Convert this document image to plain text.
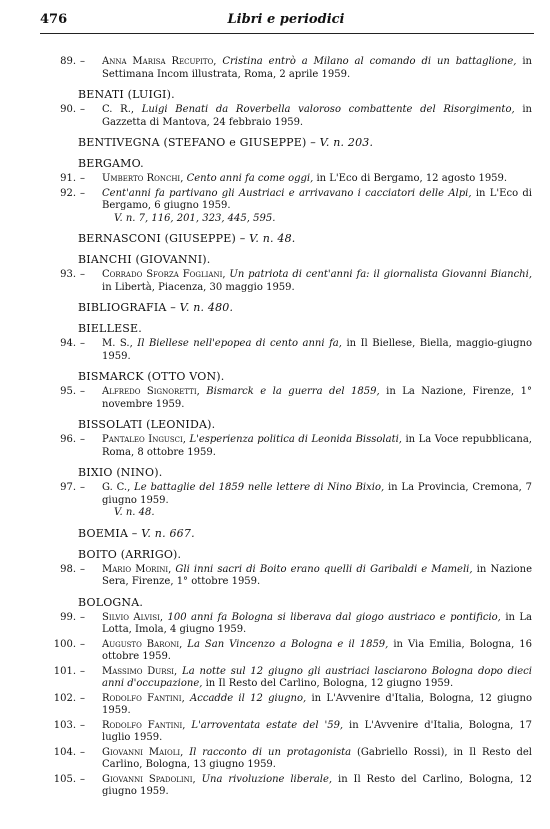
476	Libri e periodici
89. – Anna Marisa Recupito, Cristina entrò a Milano al comando di un battaglione, in Settimana Incom illustrata, Roma, 2 aprile 1959.
BENATI (LUIGI).
90. – C. R., Luigi Benati da Roverbella valoroso combattente del Risorgimento, in Gazzetta di Mantova, 24 febbraio 1959.
BENTIVEGNA (STEFANO e GIUSEPPE) – V. n. 203.
BERGAMO.
91. – Umberto Ronchi, Cento anni fa come oggi, in L'Eco di Bergamo, 12 agosto 1959.
92. – Cent'anni fa partivano gli Austriaci e arrivavano i cacciatori delle Alpi, in L'Eco di Bergamo, 6 giugno 1959.
V. n. 7, 116, 201, 323, 445, 595.
BERNASCONI (GIUSEPPE) – V. n. 48.
BIANCHI (GIOVANNI).
93. – Corrado Sforza Fogliani, Un patriota di cent'anni fa: il giornalista Giovanni Bianchi, in Libertà, Piacenza, 30 maggio 1959.
BIBLIOGRAFIA – V. n. 480.
BIELLESE.
94. – M. S., Il Biellese nell'epopea di cento anni fa, in Il Biellese, Biella, maggio-giugno 1959.
BISMARCK (OTTO VON).
95. – Alfredo Signoretti, Bismarck e la guerra del 1859, in La Nazione, Firenze, 1° novembre 1959.
BISSOLATI (LEONIDA).
96. – Pantaleo Ingusci, L'esperienza politica di Leonida Bissolati, in La Voce repubblicana, Roma, 8 ottobre 1959.
BIXIO (NINO).
97. – G. C., Le battaglie del 1859 nelle lettere di Nino Bixio, in La Provincia, Cremona, 7 giugno 1959.
V. n. 48.
BOEMIA – V. n. 667.
BOITO (ARRIGO).
98. – Mario Morini, Gli inni sacri di Boito erano quelli di Garibaldi e Mameli, in Nazione Sera, Firenze, 1° ottobre 1959.
BOLOGNA.
99. – Silvio Alvisi, 100 anni fa Bologna si liberava dal giogo austriaco e pontificio, in La Lotta, Imola, 4 giugno 1959.
100. – Augusto Baroni, La San Vincenzo a Bologna e il 1859, in Via Emilia, Bologna, 16 ottobre 1959.
101. – Massimo Dursi, La notte sul 12 giugno gli austriaci lasciarono Bologna dopo dieci anni d'occupazione, in Il Resto del Carlino, Bologna, 12 giugno 1959.
102. – Rodolfo Fantini, Accadde il 12 giugno, in L'Avvenire d'Italia, Bologna, 12 giugno 1959.
103. – Rodolfo Fantini, L'arroventata estate del '59, in L'Avvenire d'Italia, Bologna, 17 luglio 1959.
104. – Giovanni Maioli, Il racconto di un protagonista (Gabriello Rossi), in Il Resto del Carlino, Bologna, 13 giugno 1959.
105. – Giovanni Spadolini, Una rivoluzione liberale, in Il Resto del Carlino, Bologna, 12 giugno 1959.
